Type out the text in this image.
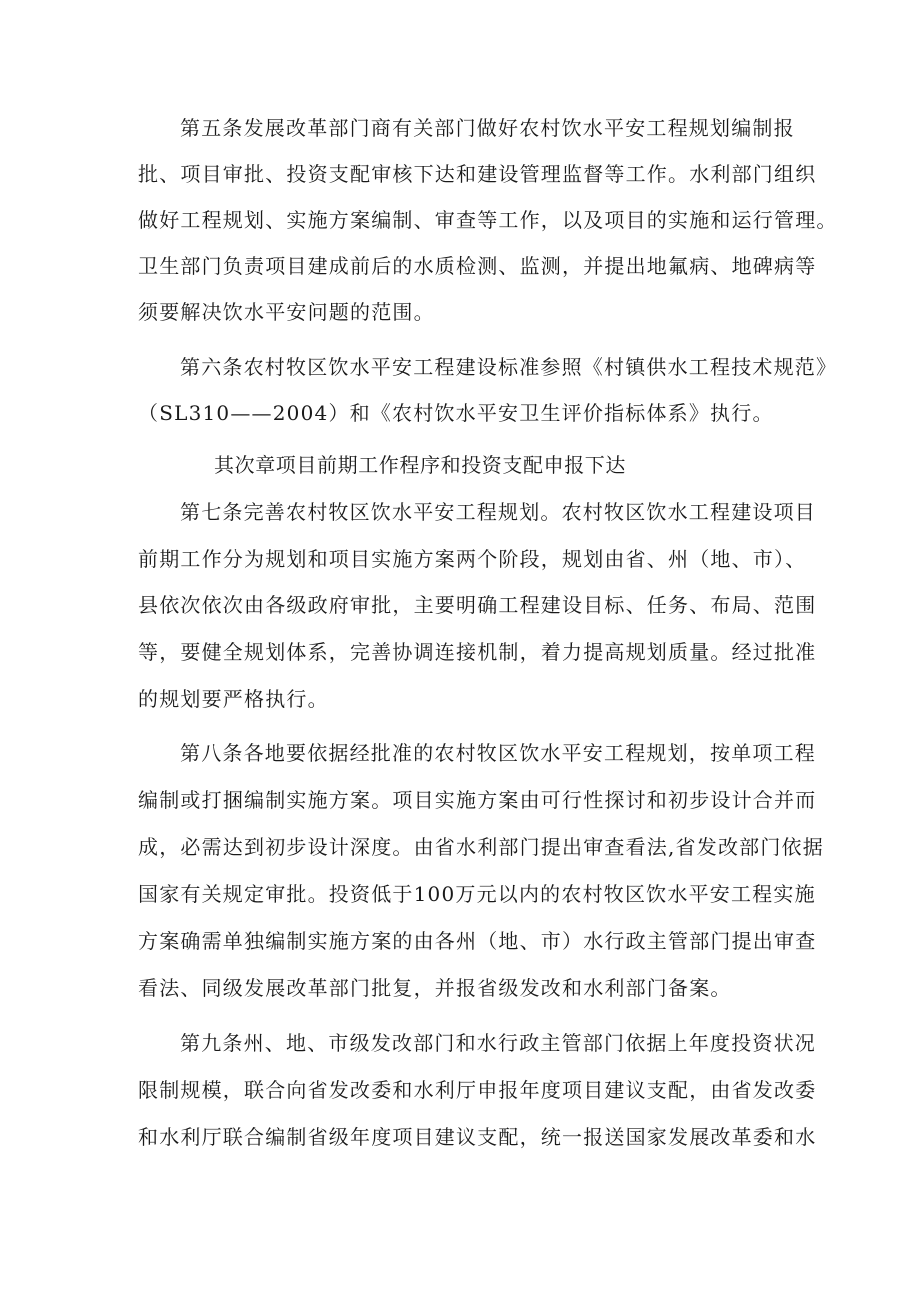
第五条发展改革部门商有关部门做好农村饮水平安工程规划编制报
批、项目审批、投资支配审核下达和建设管理监督等工作。水利部门组织
做好工程规划、实施方案编制、审查等工作，以及项目的实施和运行管理。
卫生部门负责项目建成前后的水质检测、监测，并提出地氟病、地碑病等
须要解决饮水平安问题的范围。
第六条农村牧区饮水平安工程建设标准参照《村镇供水工程技术规范》
（SL310——2004）和《农村饮水平安卫生评价指标体系》执行。
其次章项目前期工作程序和投资支配申报下达
第七条完善农村牧区饮水平安工程规划。农村牧区饮水工程建设项目
前期工作分为规划和项目实施方案两个阶段，规划由省、州（地、市）、
县依次依次由各级政府审批，主要明确工程建设目标、任务、布局、范围
等，要健全规划体系，完善协调连接机制，着力提高规划质量。经过批准
的规划要严格执行。
第八条各地要依据经批准的农村牧区饮水平安工程规划，按单项工程
编制或打捆编制实施方案。项目实施方案由可行性探讨和初步设计合并而
成，必需达到初步设计深度。由省水利部门提出审查看法,省发改部门依据
国家有关规定审批。投资低于100万元以内的农村牧区饮水平安工程实施
方案确需单独编制实施方案的由各州（地、市）水行政主管部门提出审查
看法、同级发展改革部门批复，并报省级发改和水利部门备案。
第九条州、地、市级发改部门和水行政主管部门依据上年度投资状况
限制规模，联合向省发改委和水利厅申报年度项目建议支配，由省发改委
和水利厅联合编制省级年度项目建议支配，统一报送国家发展改革委和水
